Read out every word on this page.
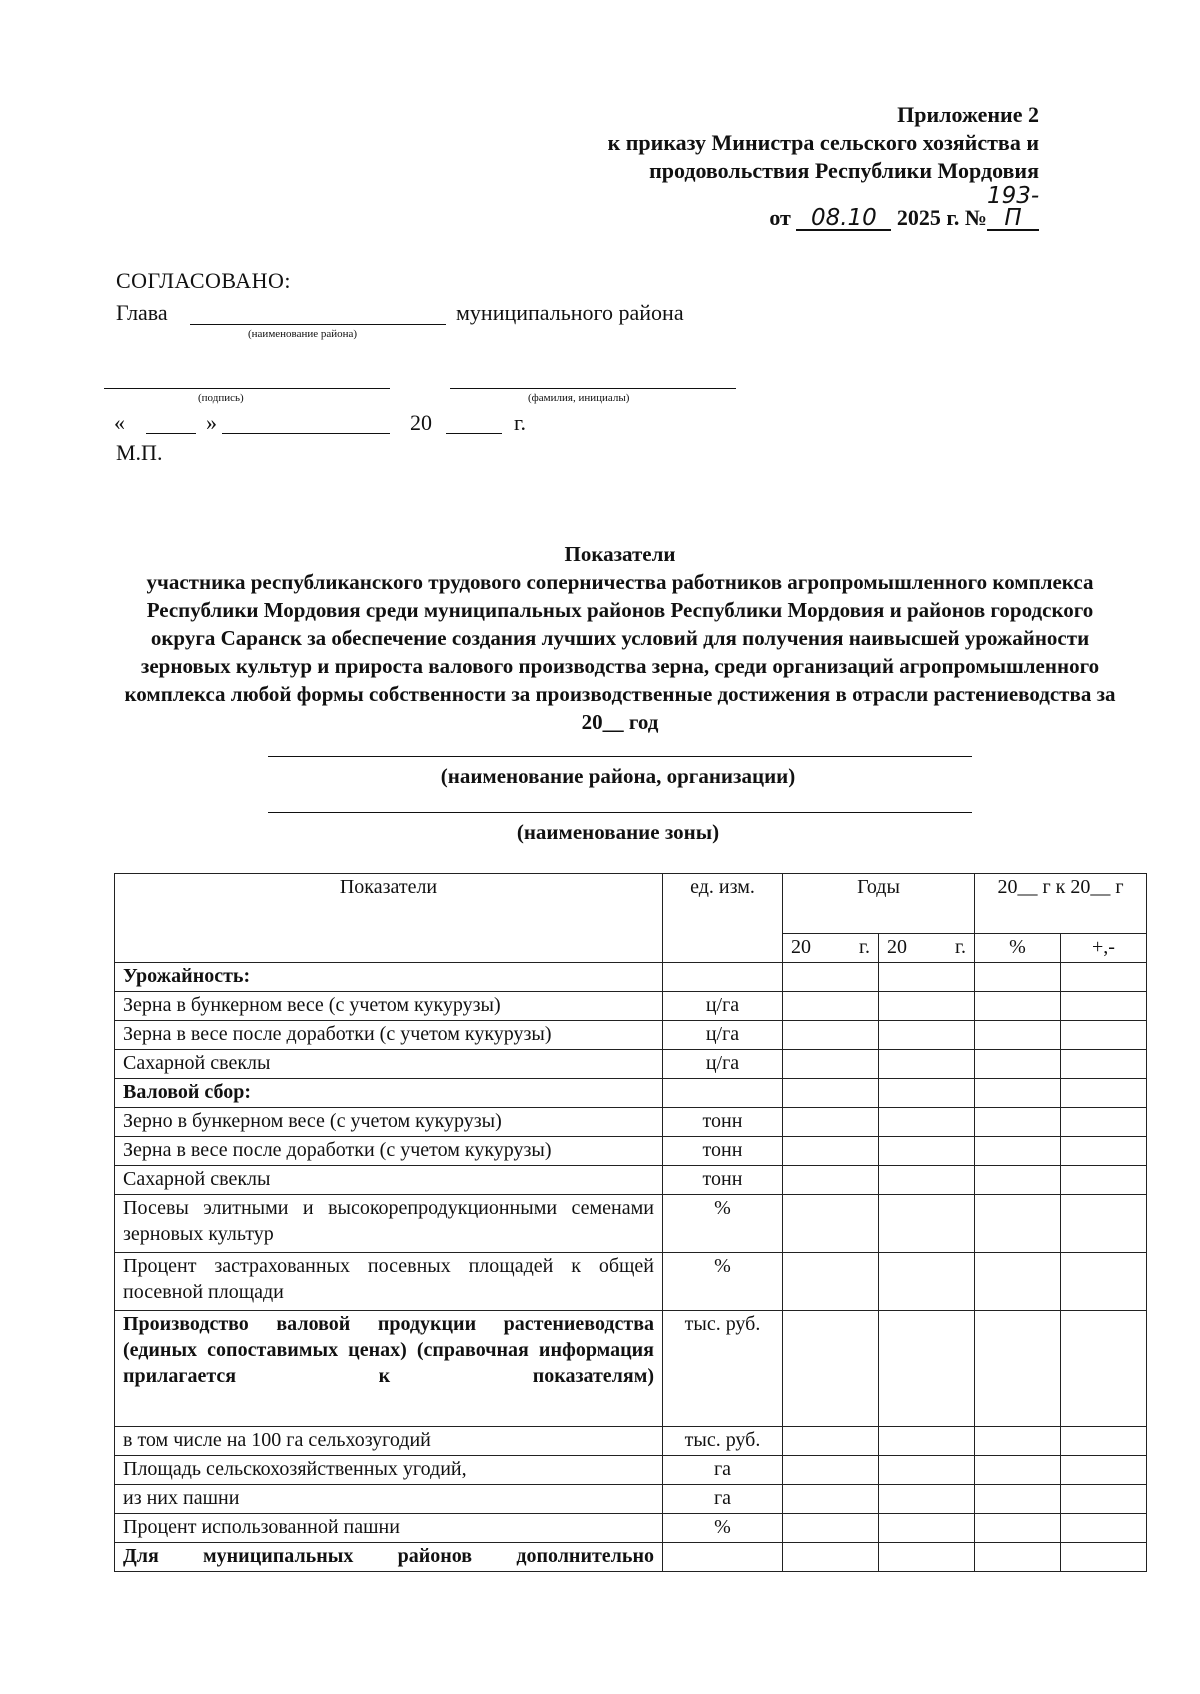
Приложение 2
к приказу Министра сельского хозяйства и
продовольствия Республики Мордовия
от 08.10 2025 г. №193-П
СОГЛАСОВАНО:
Глава	муниципального района
(наименование района)
(подпись)	(фамилия, инициалы)
«	»	20	г.
М.П.
Показатели
участника республиканского трудового соперничества работников агропромышленного комплекса Республики Мордовия среди муниципальных районов Республики Мордовия и районов городского округа Саранск за обеспечение создания лучших условий для получения наивысшей урожайности зерновых культур и прироста валового производства зерна, среди организаций агропромышленного комплекса любой формы собственности за производственные достижения в отрасли растениеводства за 20__ год
(наименование района, организации)
(наименование зоны)
Показатели	ед. изм.	Годы		20__ г к 20__ г	

		20 г.	20 г.	%	+,-
Урожайность:					
Зерна в бункерном весе (с учетом кукурузы)	ц/га				
Зерна в весе после доработки (с учетом кукурузы)	ц/га				
Сахарной свеклы	ц/га				
Валовой сбор:					
Зерно в бункерном весе (с учетом кукурузы)	тонн				
Зерна в весе после доработки (с учетом кукурузы)	тонн				
Сахарной свеклы	тонн				
Посевы элитными и высокорепродукционными семенами зерновых культур	%				
Процент застрахованных посевных площадей к общей посевной площади	%				
Производство валовой продукции растениеводства (единых сопоставимых ценах) (справочная информация прилагается к показателям)	тыс. руб.				
в том числе на 100 га сельхозугодий	тыс. руб.				
Площадь сельскохозяйственных угодий,	га				
из них пашни	га				
Процент использованной пашни	%				
Для муниципальных районов дополнительно					
